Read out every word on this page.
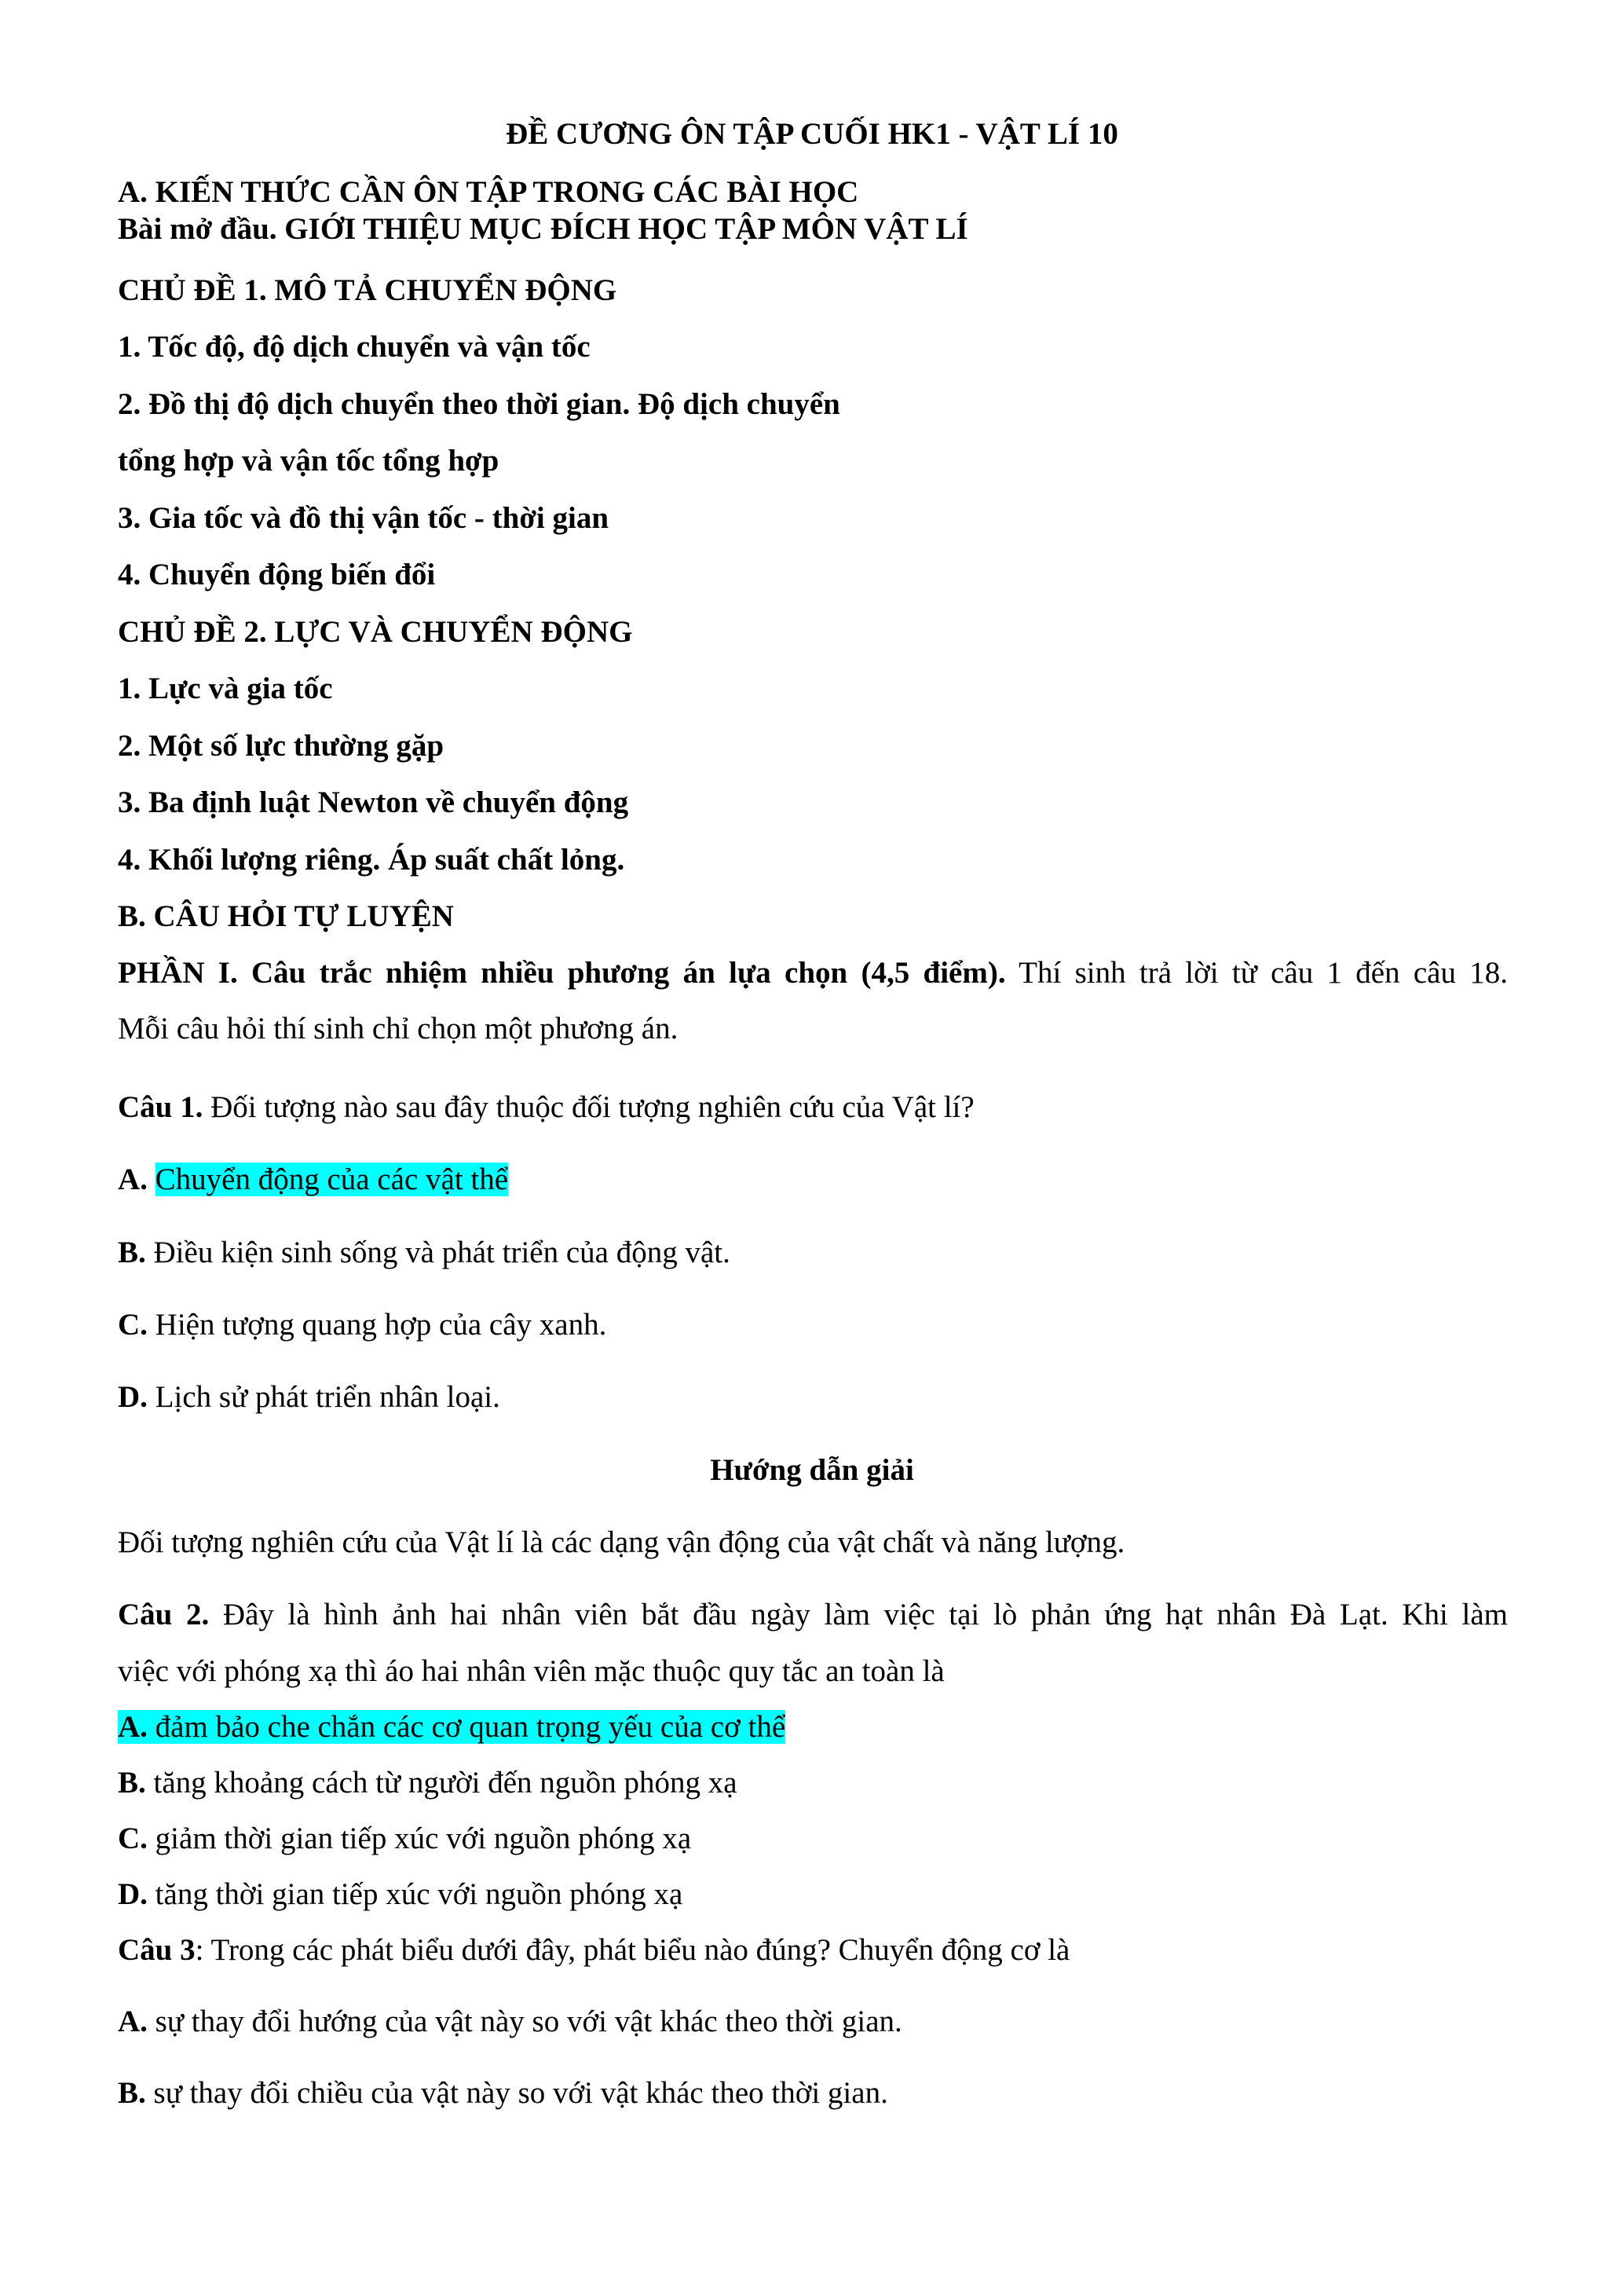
ĐỀ CƯƠNG ÔN TẬP CUỐI HK1 - VẬT LÍ 10
A. KIẾN THỨC CẦN ÔN TẬP TRONG CÁC BÀI HỌC
Bài mở đầu. GIỚI THIỆU MỤC ĐÍCH HỌC TẬP MÔN VẬT LÍ
CHỦ ĐỀ 1. MÔ TẢ CHUYỂN ĐỘNG
1. Tốc độ, độ dịch chuyển và vận tốc
2. Đồ thị độ dịch chuyển theo thời gian. Độ dịch chuyển
tổng hợp và vận tốc tổng hợp
3. Gia tốc và đồ thị vận tốc - thời gian
4. Chuyển động biến đổi
CHỦ ĐỀ 2. LỰC VÀ CHUYỂN ĐỘNG
1. Lực và gia tốc
2. Một số lực thường gặp
3. Ba định luật Newton về chuyển động
4. Khối lượng riêng. Áp suất chất lỏng.
B. CÂU HỎI TỰ LUYỆN
PHẦN I. Câu trắc nhiệm nhiều phương án lựa chọn (4,5 điểm). Thí sinh trả lời từ câu 1 đến câu 18.
Mỗi câu hỏi thí sinh chỉ chọn một phương án.
Câu 1. Đối tượng nào sau đây thuộc đối tượng nghiên cứu của Vật lí?
A. Chuyển động của các vật thể
B. Điều kiện sinh sống và phát triển của động vật.
C. Hiện tượng quang hợp của cây xanh.
D. Lịch sử phát triển nhân loại.
Hướng dẫn giải
Đối tượng nghiên cứu của Vật lí là các dạng vận động của vật chất và năng lượng.
Câu 2. Đây là hình ảnh hai nhân viên bắt đầu ngày làm việc tại lò phản ứng hạt nhân Đà Lạt. Khi làm
việc với phóng xạ thì áo hai nhân viên mặc thuộc quy tắc an toàn là
A. đảm bảo che chắn các cơ quan trọng yếu của cơ thể
B. tăng khoảng cách từ người đến nguồn phóng xạ
C. giảm thời gian tiếp xúc với nguồn phóng xạ
D. tăng thời gian tiếp xúc với nguồn phóng xạ
Câu 3: Trong các phát biểu dưới đây, phát biểu nào đúng? Chuyển động cơ là
A. sự thay đổi hướng của vật này so với vật khác theo thời gian.
B. sự thay đổi chiều của vật này so với vật khác theo thời gian.
